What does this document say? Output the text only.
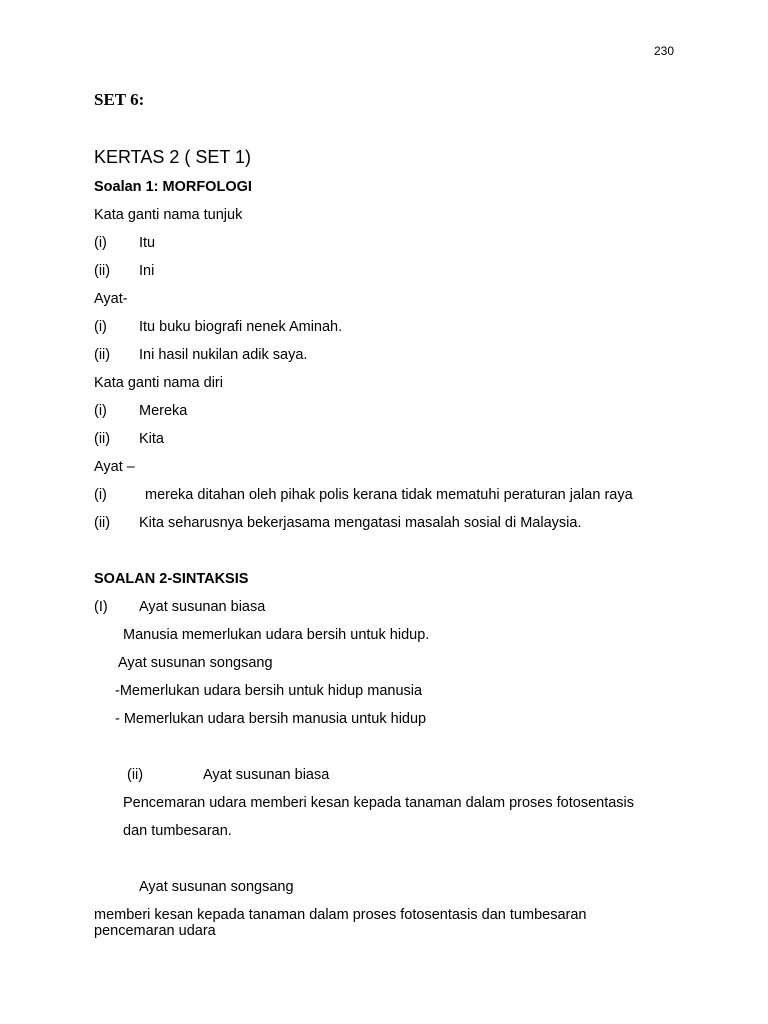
230
SET 6:
KERTAS 2 ( SET 1)
Soalan 1: MORFOLOGI
Kata ganti nama tunjuk
(i) Itu
(ii) Ini
Ayat-
(i) Itu buku biografi nenek Aminah.
(ii) Ini hasil nukilan adik saya.
Kata ganti nama diri
(i) Mereka
(ii) Kita
Ayat –
(i)	mereka ditahan oleh pihak polis kerana tidak mematuhi peraturan jalan raya
(ii) Kita seharusnya bekerjasama mengatasi masalah sosial di Malaysia.
SOALAN 2-SINTAKSIS
(I) Ayat susunan biasa
Manusia memerlukan udara bersih untuk hidup.
Ayat susunan songsang
-Memerlukan udara bersih untuk hidup manusia
- Memerlukan udara bersih manusia untuk hidup
(ii)	Ayat susunan biasa
Pencemaran udara memberi kesan kepada tanaman dalam proses fotosentasis
dan tumbesaran.
Ayat susunan songsang
memberi kesan kepada tanaman dalam proses fotosentasis dan tumbesaran
pencemaran udara
